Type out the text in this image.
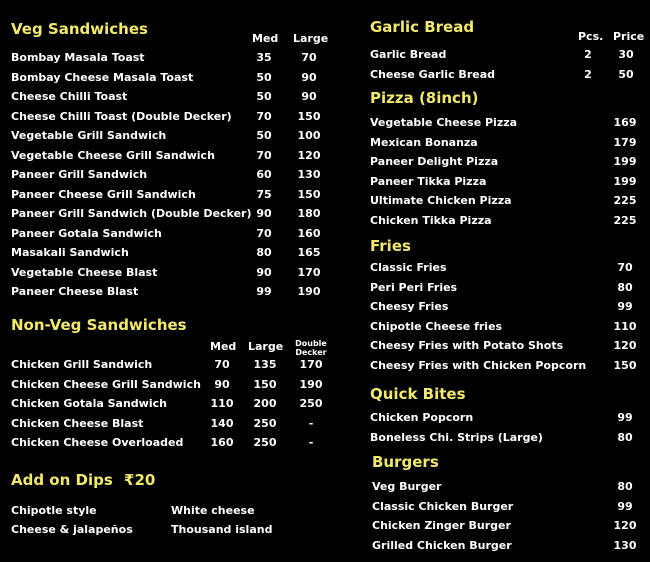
Veg Sandwiches
Med Large
Bombay Masala Toast	35	70
Bombay Cheese Masala Toast	50	90
Cheese Chilli Toast	50	90
Cheese Chilli Toast (Double Decker)	70	150
Vegetable Grill Sandwich	50	100
Vegetable Cheese Grill Sandwich	70	120
Paneer Grill Sandwich	60	130
Paneer Cheese Grill Sandwich	75	150
Paneer Grill Sandwich (Double Decker) 90	180
Paneer Gotala Sandwich	70	160
Masakali Sandwich	80	165
Vegetable Cheese Blast	90	170
Paneer Cheese Blast	99	190
Non-Veg Sandwiches
Med Large	Double Decker
Chicken Grill Sandwich	70	135	170
Chicken Cheese Grill Sandwich	90	150	190
Chicken Gotala Sandwich	110	200	250
Chicken Cheese Blast	140	250	-
Chicken Cheese Overloaded	160	250	-
Add on Dips ₹20
Chipotle style	White cheese
Cheese & jalapeños	Thousand island
Garlic Bread
Pcs. Price
Garlic Bread	2	30
Cheese Garlic Bread	2	50
Pizza (8inch)
Vegetable Cheese Pizza	169
Mexican Bonanza	179
Paneer Delight Pizza	199
Paneer Tikka Pizza	199
Ultimate Chicken Pizza	225
Chicken Tikka Pizza	225
Fries
Classic Fries	70
Peri Peri Fries	80
Cheesy Fries	99
Chipotle Cheese fries	110
Cheesy Fries with Potato Shots	120
Cheesy Fries with Chicken Popcorn	150
Quick Bites
Chicken Popcorn	99
Boneless Chi. Strips (Large)	80
Burgers
Veg Burger	80
Classic Chicken Burger	99
Chicken Zinger Burger	120
Grilled Chicken Burger	130
